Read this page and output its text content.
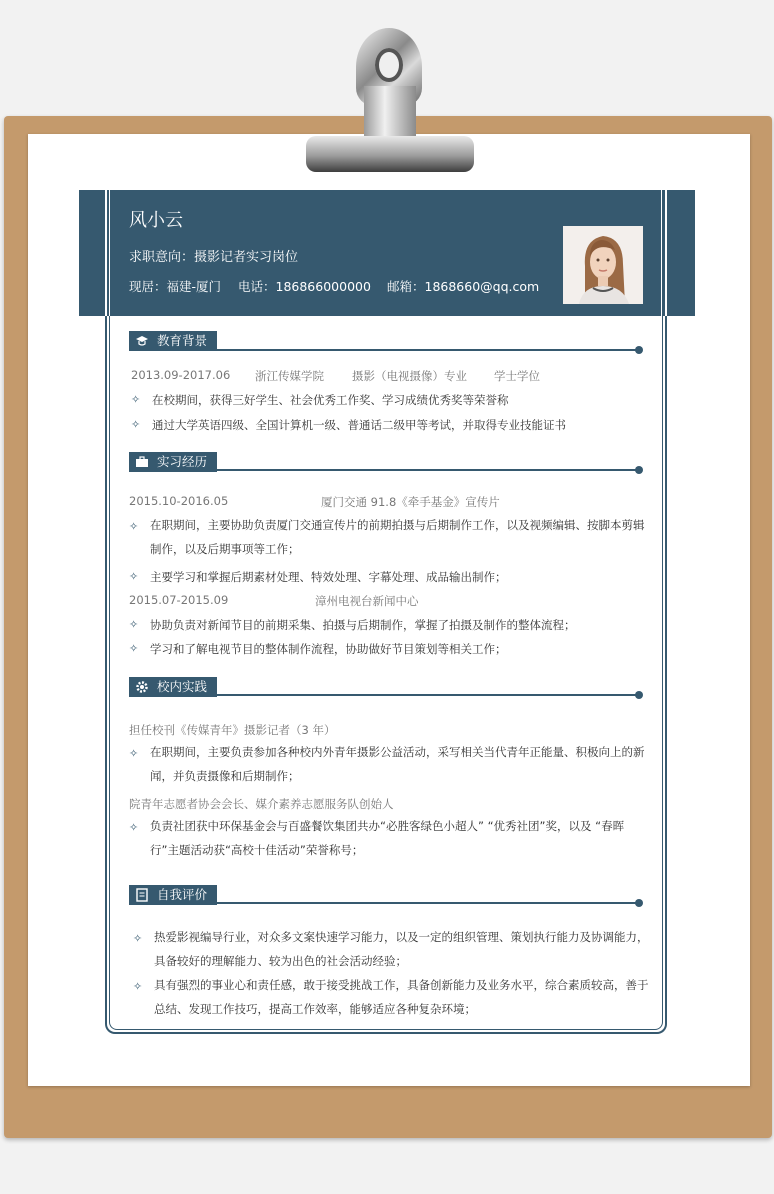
风小云
求职意向：摄影记者实习岗位
现居：福建-厦门 电话：186866000000 邮箱：1868660@qq.com
教育背景
2013.09-2017.06 浙江传媒学院 摄影（电视摄像）专业 学士学位
✧ 在校期间，获得三好学生、社会优秀工作奖、学习成绩优秀奖等荣誉称
✧ 通过大学英语四级、全国计算机一级、普通话二级甲等考试，并取得专业技能证书
实习经历
2015.10-2016.05	厦门交通 91.8《牵手基金》宣传片
✧ 在职期间，主要协助负责厦门交通宣传片的前期拍摄与后期制作工作，以及视频编辑、按脚本剪辑制作，以及后期事项等工作；
✧ 主要学习和掌握后期素材处理、特效处理、字幕处理、成品输出制作；
2015.07-2015.09	漳州电视台新闻中心
✧ 协助负责对新闻节目的前期采集、拍摄与后期制作，掌握了拍摄及制作的整体流程；
✧ 学习和了解电视节目的整体制作流程，协助做好节目策划等相关工作；
校内实践
担任校刊《传媒青年》摄影记者（3 年）
✧ 在职期间，主要负责参加各种校内外青年摄影公益活动，采写相关当代青年正能量、积极向上的新闻，并负责摄像和后期制作；
院青年志愿者协会会长、媒介素养志愿服务队创始人
✧ 负责社团获中环保基金会与百盛餐饮集团共办“必胜客绿色小超人” “优秀社团”奖，以及 “春晖行”主题活动获“高校十佳活动”荣誉称号；
自我评价
✧ 热爱影视编导行业，对众多文案快速学习能力，以及一定的组织管理、策划执行能力及协调能力，具备较好的理解能力、较为出色的社会活动经验；
✧ 具有强烈的事业心和责任感，敢于接受挑战工作，具备创新能力及业务水平，综合素质较高，善于总结、发现工作技巧，提高工作效率，能够适应各种复杂环境；
